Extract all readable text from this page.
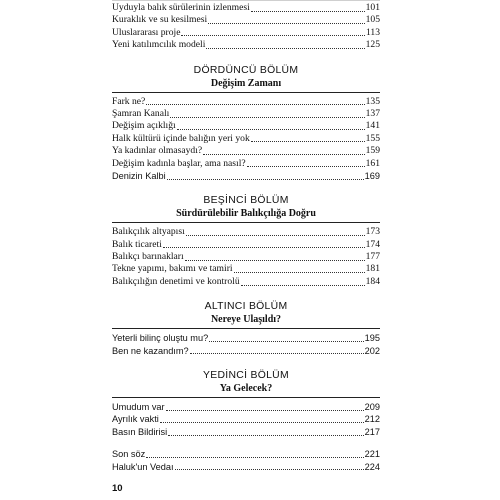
Uyduyla balık sürülerinin izlenmesi	101
Kuraklık ve su kesilmesi	105
Uluslararası proje	113
Yeni katılımcılık modeli	125
DÖRDÜNCÜ BÖLÜM
Değişim Zamanı
Fark ne?	135
Şamran Kanalı	137
Değişim açıklığı	141
Halk kültürü içinde balığın yeri yok	155
Ya kadınlar olmasaydı?	159
Değişim kadınla başlar, ama nasıl?	161
Denizin Kalbi	169
BEŞİNCİ BÖLÜM
Sürdürülebilir Balıkçılığa Doğru
Balıkçılık altyapısı	173
Balık ticareti	174
Balıkçı barınakları	177
Tekne yapımı, bakımı ve tamiri	181
Balıkçılığın denetimi ve kontrolü	184
ALTINCI BÖLÜM
Nereye Ulaşıldı?
Yeterli bilinç oluştu mu?	195
Ben ne kazandım?	202
YEDİNCİ BÖLÜM
Ya Gelecek?
Umudum var	209
Ayrılık vakti	212
Basın Bildirisi	217
Son söz	221
Haluk'un Vedaı	224
10
